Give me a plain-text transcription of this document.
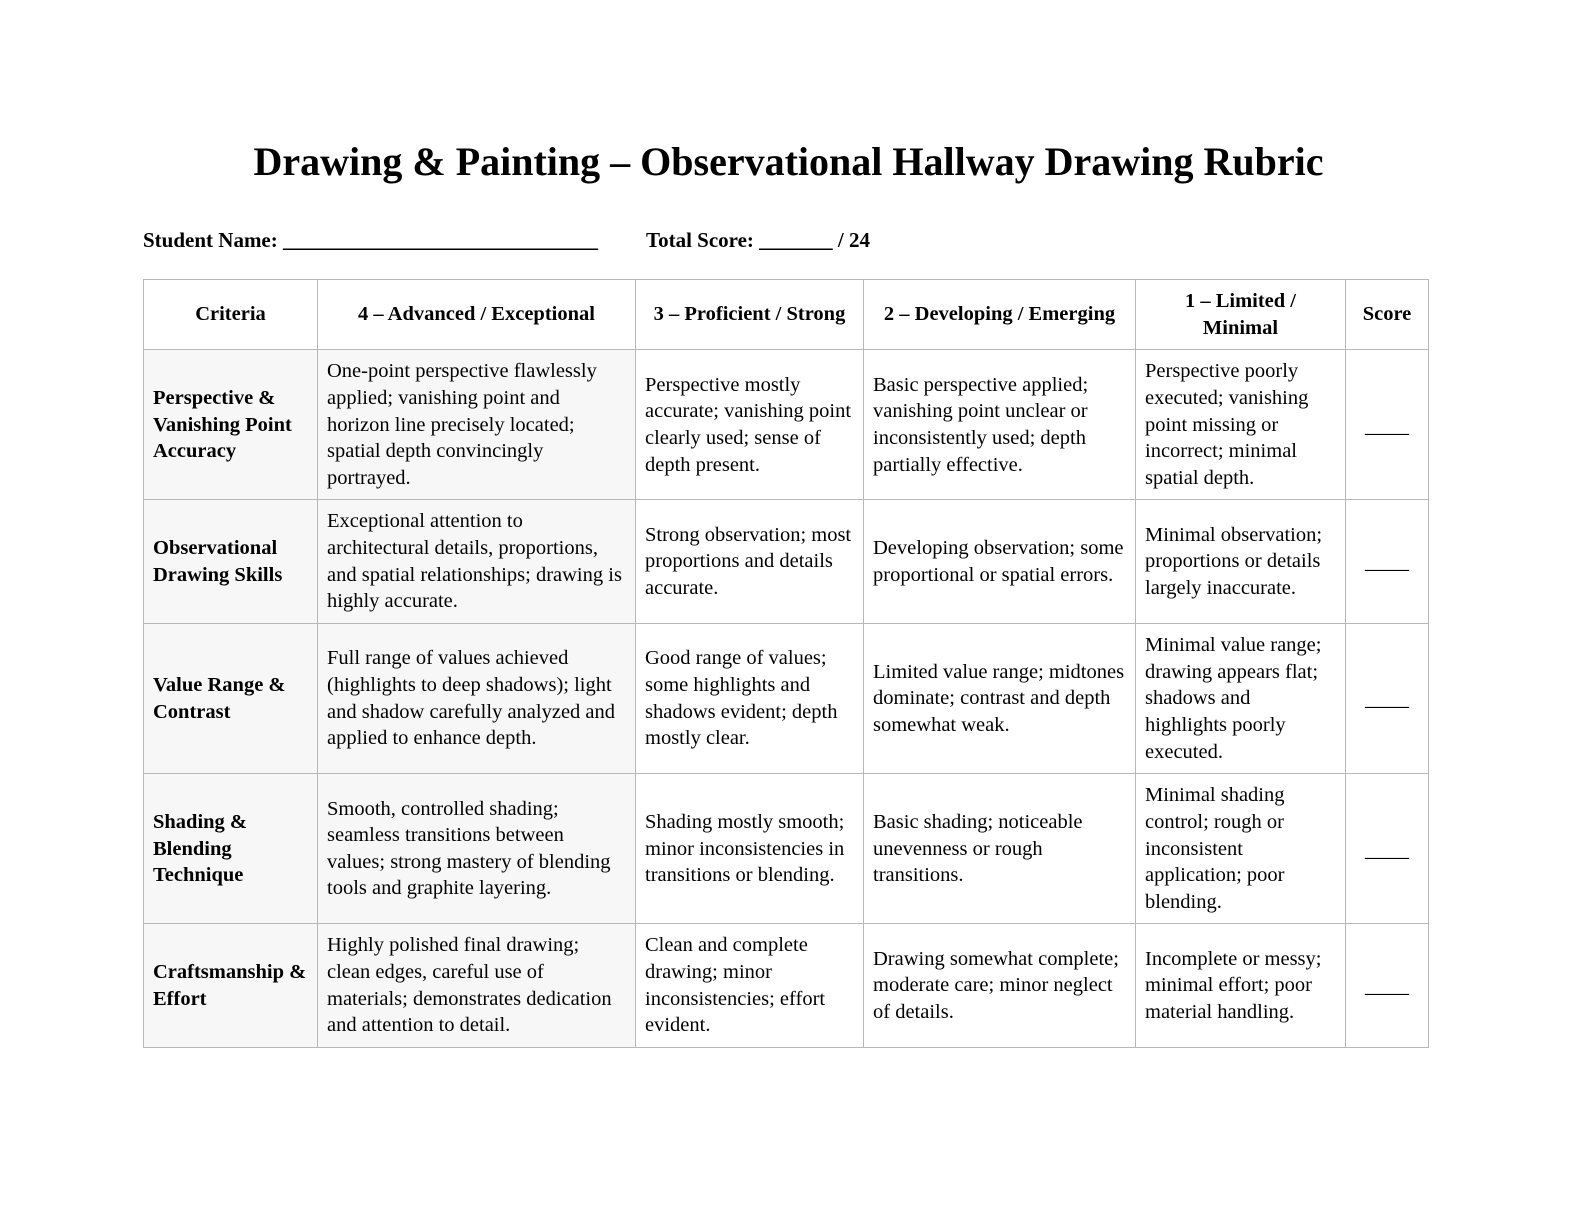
Drawing & Painting – Observational Hallway Drawing Rubric
Student Name: ______________________________ Total Score: _______ / 24
Criteria	4 – Advanced / Exceptional	3 – Proficient / Strong	2 – Developing / Emerging	1 – Limited / Minimal	Score
Perspective & Vanishing Point Accuracy	One-point perspective flawlessly applied; vanishing point and horizon line precisely located; spatial depth convincingly portrayed.	Perspective mostly accurate; vanishing point clearly used; sense of depth present.	Basic perspective applied; vanishing point unclear or inconsistently used; depth partially effective.	Perspective poorly executed; vanishing point missing or incorrect; minimal spatial depth.	____
Observational Drawing Skills	Exceptional attention to architectural details, proportions, and spatial relationships; drawing is highly accurate.	Strong observation; most proportions and details accurate.	Developing observation; some proportional or spatial errors.	Minimal observation; proportions or details largely inaccurate.	____
Value Range & Contrast	Full range of values achieved (highlights to deep shadows); light and shadow carefully analyzed and applied to enhance depth.	Good range of values; some highlights and shadows evident; depth mostly clear.	Limited value range; midtones dominate; contrast and depth somewhat weak.	Minimal value range; drawing appears flat; shadows and highlights poorly executed.	____
Shading & Blending Technique	Smooth, controlled shading; seamless transitions between values; strong mastery of blending tools and graphite layering.	Shading mostly smooth; minor inconsistencies in transitions or blending.	Basic shading; noticeable unevenness or rough transitions.	Minimal shading control; rough or inconsistent application; poor blending.	____
Craftsmanship & Effort	Highly polished final drawing; clean edges, careful use of materials; demonstrates dedication and attention to detail.	Clean and complete drawing; minor inconsistencies; effort evident.	Drawing somewhat complete; moderate care; minor neglect of details.	Incomplete or messy; minimal effort; poor material handling.	____
